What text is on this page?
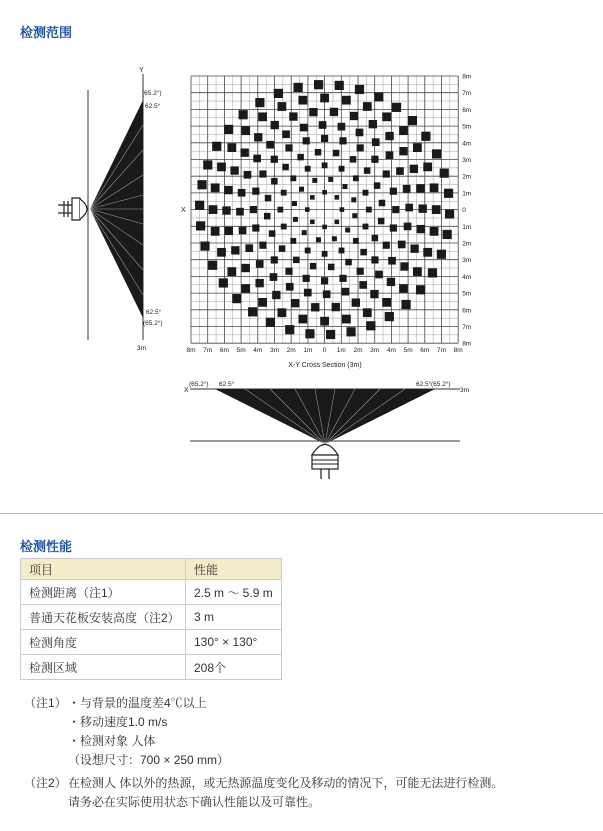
检测范围
Y
(65.2°)
62.5°
62.5°
(65.2°)
X
3m
8m
7m
6m
5m
4m
3m
2m
1m
0
1m
2m
3m
4m
5m
6m
7m
8m
8m 7m 6m 5m 4m 3m 2m 1m 0 1m 2m 3m 4m 5m 6m 7m 8m
X-Y Cross Section (3m)
X
(65.2°) 62.5°	62.5° (65.2°)
3m
检测性能
项目	性能
检测距离（注1）	2.5 m ～ 5.9 m
普通天花板安装高度（注2）	3 m
检测角度	130° × 130°
检测区域	208个
（注1）・与背景的温度差4℃以上
・移动速度1.0 m/s
・检测对象 人体
（设想尺寸：700 × 250 mm）
（注2）在检测人 体以外的热源，或无热源温度变化及移动的情况下，可能无法进行检测。
请务必在实际使用状态下确认性能以及可靠性。
